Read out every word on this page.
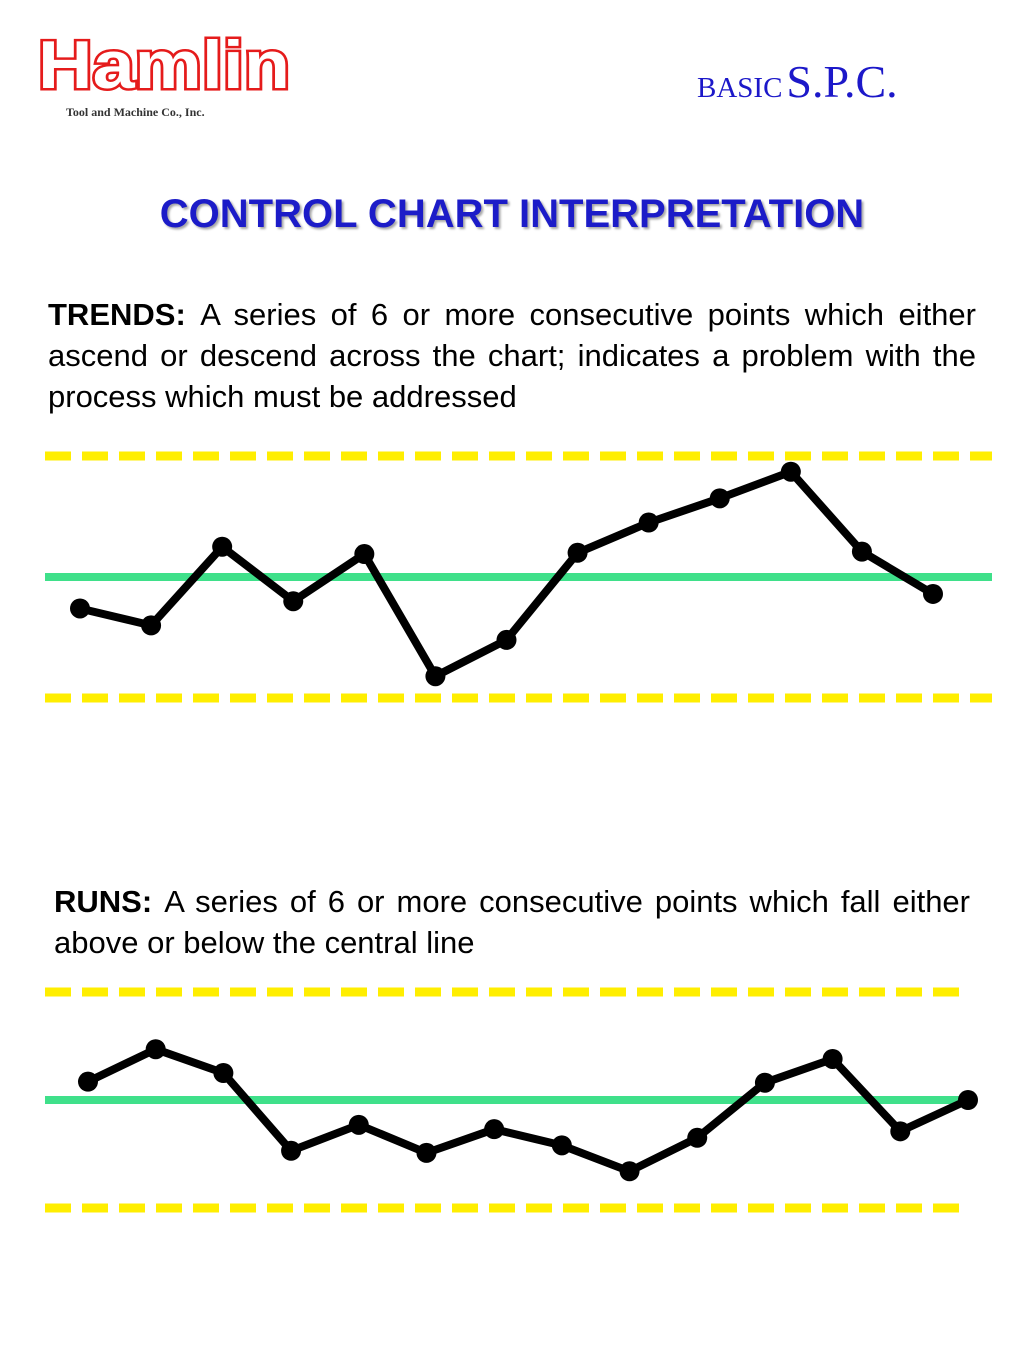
Hamlin
Tool and Machine Co., Inc.
BASIC S.P.C.
CONTROL CHART INTERPRETATION

TRENDS: A series of 6 or more consecutive points which either ascend or descend across the chart; indicates a problem with the process which must be addressed

RUNS: A series of 6 or more consecutive points which fall either above or below the central line
